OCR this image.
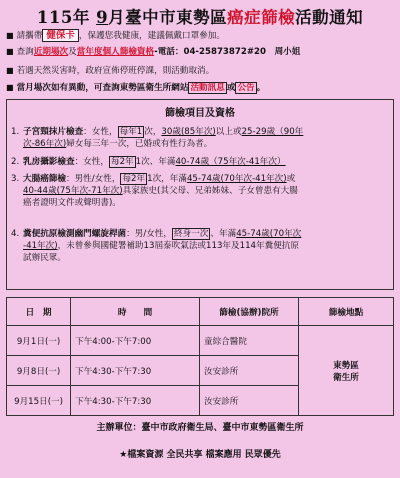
115年 9月臺中市東勢區癌症篩檢活動通知
■ 請攜帶 健保卡 ，保護您我健康，建議佩戴口罩參加。
■ 查詢近期場次及當年度個人篩檢資格-電話：04-25873872#20　周小姐
■ 若遇天然災害時，政府宣佈停班停課，則活動取消。
■ 當月場次如有異動，可查詢東勢區衛生所網站 活動訊息 或 公告 。
篩檢項目及資格
1. 子宮頸抹片檢查：女性， 每年1 次，30歲(85年次)以上或25-29歲（90年
次-86年次)婦女每三年一次，已婚或有性行為者。
2. 乳房攝影檢查：女性， 每2年 1次、年滿40-74歲（75年次-41年次）
3. 大腸癌篩檢：男性/女性， 每2年 1次，年滿45-74歲(70年次-41年次)或
40-44歲(75年次-71年次)具家族史(其父母、兄弟姊妹、子女曾患有大腸
癌者證明文件或聲明書)。
4. 糞便抗原檢測幽門螺旋桿菌：男/女性， 終身一次 、年滿45-74歲(70年次
-41年次)，未曾參與國健署補助13屆泰吹氣法或113年及114年糞便抗原
試辦民眾。
日　期	時　　間	篩檢(協辦)院所	篩檢地點
9月1日(一)	下午4:00-下午7:00	童綜合醫院	東勢區
衛生所
9月8日(一)	下午4:30-下午7:30	汝安診所	
9月15日(一)	下午4:30-下午7:30	汝安診所	
主辦單位：臺中市政府衛生局、臺中市東勢區衛生所
★檔案資源 全民共享 檔案應用 民眾優先
